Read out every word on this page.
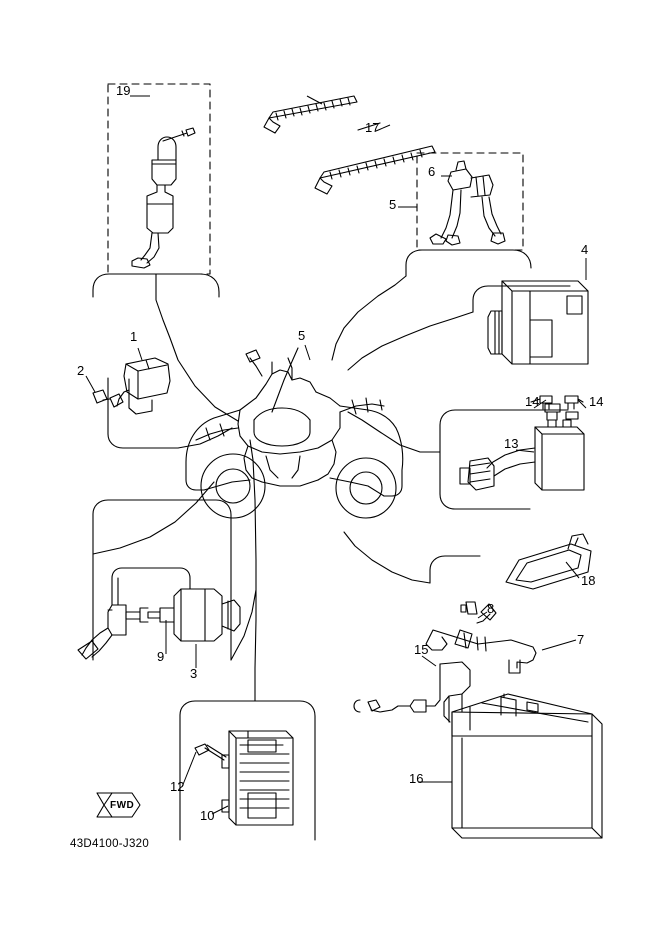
19
17
6
5
4
1	5
2
14	14
13
18
8
7
15
9
3
16
12
10
FWD
43D4100-J320
